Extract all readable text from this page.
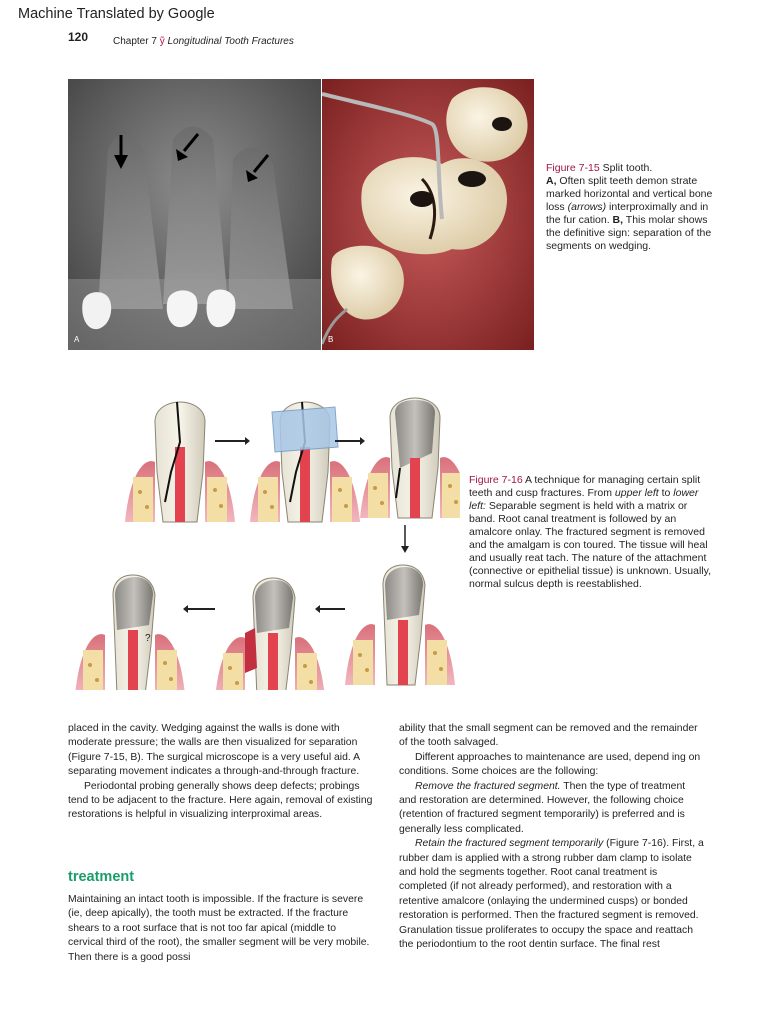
Machine Translated by Google
120 Chapter 7 ỹ Longitudinal Tooth Fractures
A	B
Figure 7-15 Split tooth.
A, Often split teeth demon strate marked horizontal and vertical bone loss (arrows) interproximally and in the fur cation. B, This molar shows the definitive sign: separation of the segments on wedging.
?
Figure 7-16 A technique for managing certain split teeth and cusp fractures. From upper left to lower left: Separable segment is held with a matrix or band. Root canal treatment is followed by an amalcore onlay. The fractured segment is removed and the amalgam is con toured. The tissue will heal and usually reat tach. The nature of the attachment (connective or epithelial tissue) is unknown. Usually, normal sulcus depth is reestablished.

placed in the cavity. Wedging against the walls is done with moderate pressure; the walls are then visualized for separation (Figure 7-15, B). The surgical microscope is a very useful aid. A separating movement indicates a through-and-through fracture.

Periodontal probing generally shows deep defects; probings tend to be adjacent to the fracture. Here again, removal of existing restorations is helpful in visualizing interproximal areas.

treatment

Maintaining an intact tooth is impossible. If the fracture is severe (ie, deep apically), the tooth must be extracted. If the fracture shears to a root surface that is not too far apical (middle to cervical third of the root), the smaller segment will be very mobile. Then there is a good possi

ability that the small segment can be removed and the remainder of the tooth salvaged.

Different approaches to maintenance are used, depend ing on conditions. Some choices are the following:

Remove the fractured segment. Then the type of treatment and restoration are determined. However, the following choice (retention of fractured segment temporarily) is preferred and is generally less complicated.

Retain the fractured segment temporarily (Figure 7-16). First, a rubber dam is applied with a strong rubber dam clamp to isolate and hold the segments together. Root canal treatment is completed (if not already performed), and restoration with a retentive amalcore (onlaying the undermined cusps) or bonded restoration is performed. Then the fractured segment is removed. Granulation tissue proliferates to occupy the space and reattach the periodontium to the root dentin surface. The final rest
